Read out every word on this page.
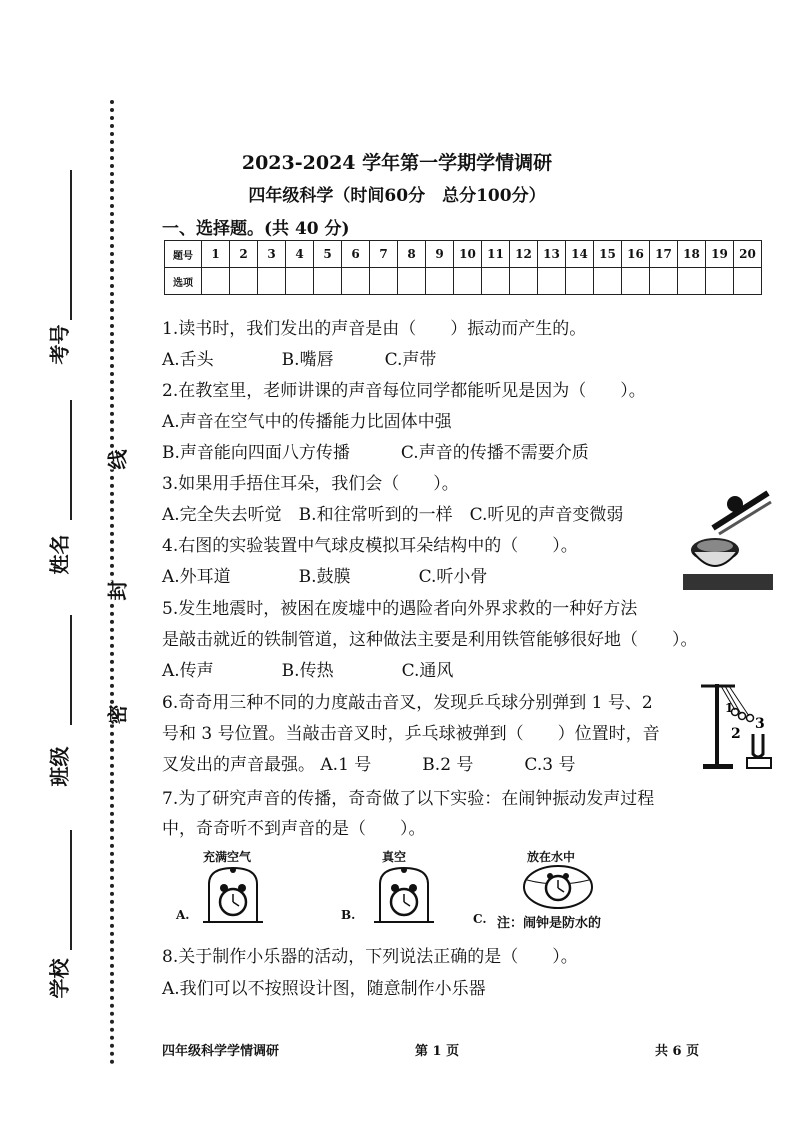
考号
姓名
班级
学校
线
封
密
2023-2024 学年第一学期学情调研
四年级科学（时间60分　总分100分）
一、选择题。(共 40 分)
题号	1	2	3	4	5	6	7	8	9	10	11	12	13	14	15	16	17	18	19	20
选项																				
1.读书时，我们发出的声音是由（　　）振动而产生的。
A.舌头　　　　B.嘴唇　　　C.声带
2.在教室里，老师讲课的声音每位同学都能听见是因为（　　）。
A.声音在空气中的传播能力比固体中强
B.声音能向四面八方传播　　　C.声音的传播不需要介质
3.如果用手捂住耳朵，我们会（　　）。
A.完全失去听觉　B.和往常听到的一样　C.听见的声音变微弱
4.右图的实验装置中气球皮模拟耳朵结构中的（　　）。
A.外耳道　　　　B.鼓膜　　　　C.听小骨
5.发生地震时，被困在废墟中的遇险者向外界求救的一种好方法
是敲击就近的铁制管道，这种做法主要是利用铁管能够很好地（　　）。
A.传声　　　　B.传热　　　　C.通风
6.奇奇用三种不同的力度敲击音叉，发现乒乓球分别弹到 1 号、2
号和 3 号位置。当敲击音叉时，乒乓球被弹到（　　）位置时，音
叉发出的声音最强。 A.1 号　　　B.2 号　　　C.3 号
7.为了研究声音的传播，奇奇做了以下实验：在闹钟振动发声过程
中，奇奇听不到声音的是（　　）。
1
2
3
充满空气	真空	放在水中
A.	B.	C. 注：闹钟是防水的
8.关于制作小乐器的活动，下列说法正确的是（　　）。
A.我们可以不按照设计图，随意制作小乐器
四年级科学学情调研	第 1 页	共 6 页
